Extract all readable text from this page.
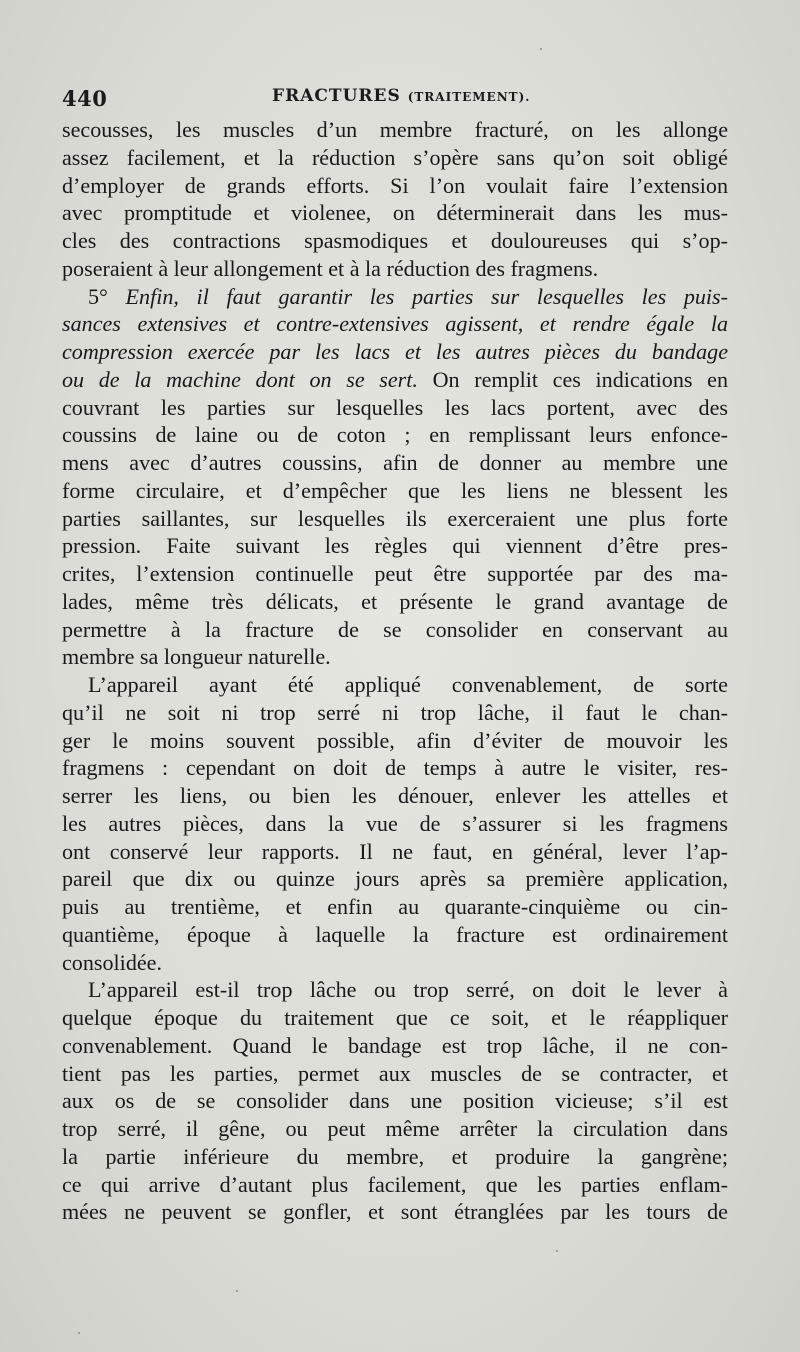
440	FRACTURES (TRAITEMENT).
secousses, les muscles d’un membre fracturé, on les allonge
assez facilement, et la réduction s’opère sans qu’on soit obligé
d’employer de grands efforts. Si l’on voulait faire l’extension
avec promptitude et violenee, on déterminerait dans les mus-
cles des contractions spasmodiques et douloureuses qui s’op-
poseraient à leur allongement et à la réduction des fragmens.
5° Enfin, il faut garantir les parties sur lesquelles les puis-
sances extensives et contre-extensives agissent, et rendre égale la
compression exercée par les lacs et les autres pièces du bandage
ou de la machine dont on se sert. On remplit ces indications en
couvrant les parties sur lesquelles les lacs portent, avec des
coussins de laine ou de coton ; en remplissant leurs enfonce-
mens avec d’autres coussins, afin de donner au membre une
forme circulaire, et d’empêcher que les liens ne blessent les
parties saillantes, sur lesquelles ils exerceraient une plus forte
pression. Faite suivant les règles qui viennent d’être pres-
crites, l’extension continuelle peut être supportée par des ma-
lades, même très délicats, et présente le grand avantage de
permettre à la fracture de se consolider en conservant au
membre sa longueur naturelle.
L’appareil ayant été appliqué convenablement, de sorte
qu’il ne soit ni trop serré ni trop lâche, il faut le chan-
ger le moins souvent possible, afin d’éviter de mouvoir les
fragmens : cependant on doit de temps à autre le visiter, res-
serrer les liens, ou bien les dénouer, enlever les attelles et
les autres pièces, dans la vue de s’assurer si les fragmens
ont conservé leur rapports. Il ne faut, en général, lever l’ap-
pareil que dix ou quinze jours après sa première application,
puis au trentième, et enfin au quarante-cinquième ou cin-
quantième, époque à laquelle la fracture est ordinairement
consolidée.
L’appareil est-il trop lâche ou trop serré, on doit le lever à
quelque époque du traitement que ce soit, et le réappliquer
convenablement. Quand le bandage est trop lâche, il ne con-
tient pas les parties, permet aux muscles de se contracter, et
aux os de se consolider dans une position vicieuse; s’il est
trop serré, il gêne, ou peut même arrêter la circulation dans
la partie inférieure du membre, et produire la gangrène;
ce qui arrive d’autant plus facilement, que les parties enflam-
mées ne peuvent se gonfler, et sont étranglées par les tours de
